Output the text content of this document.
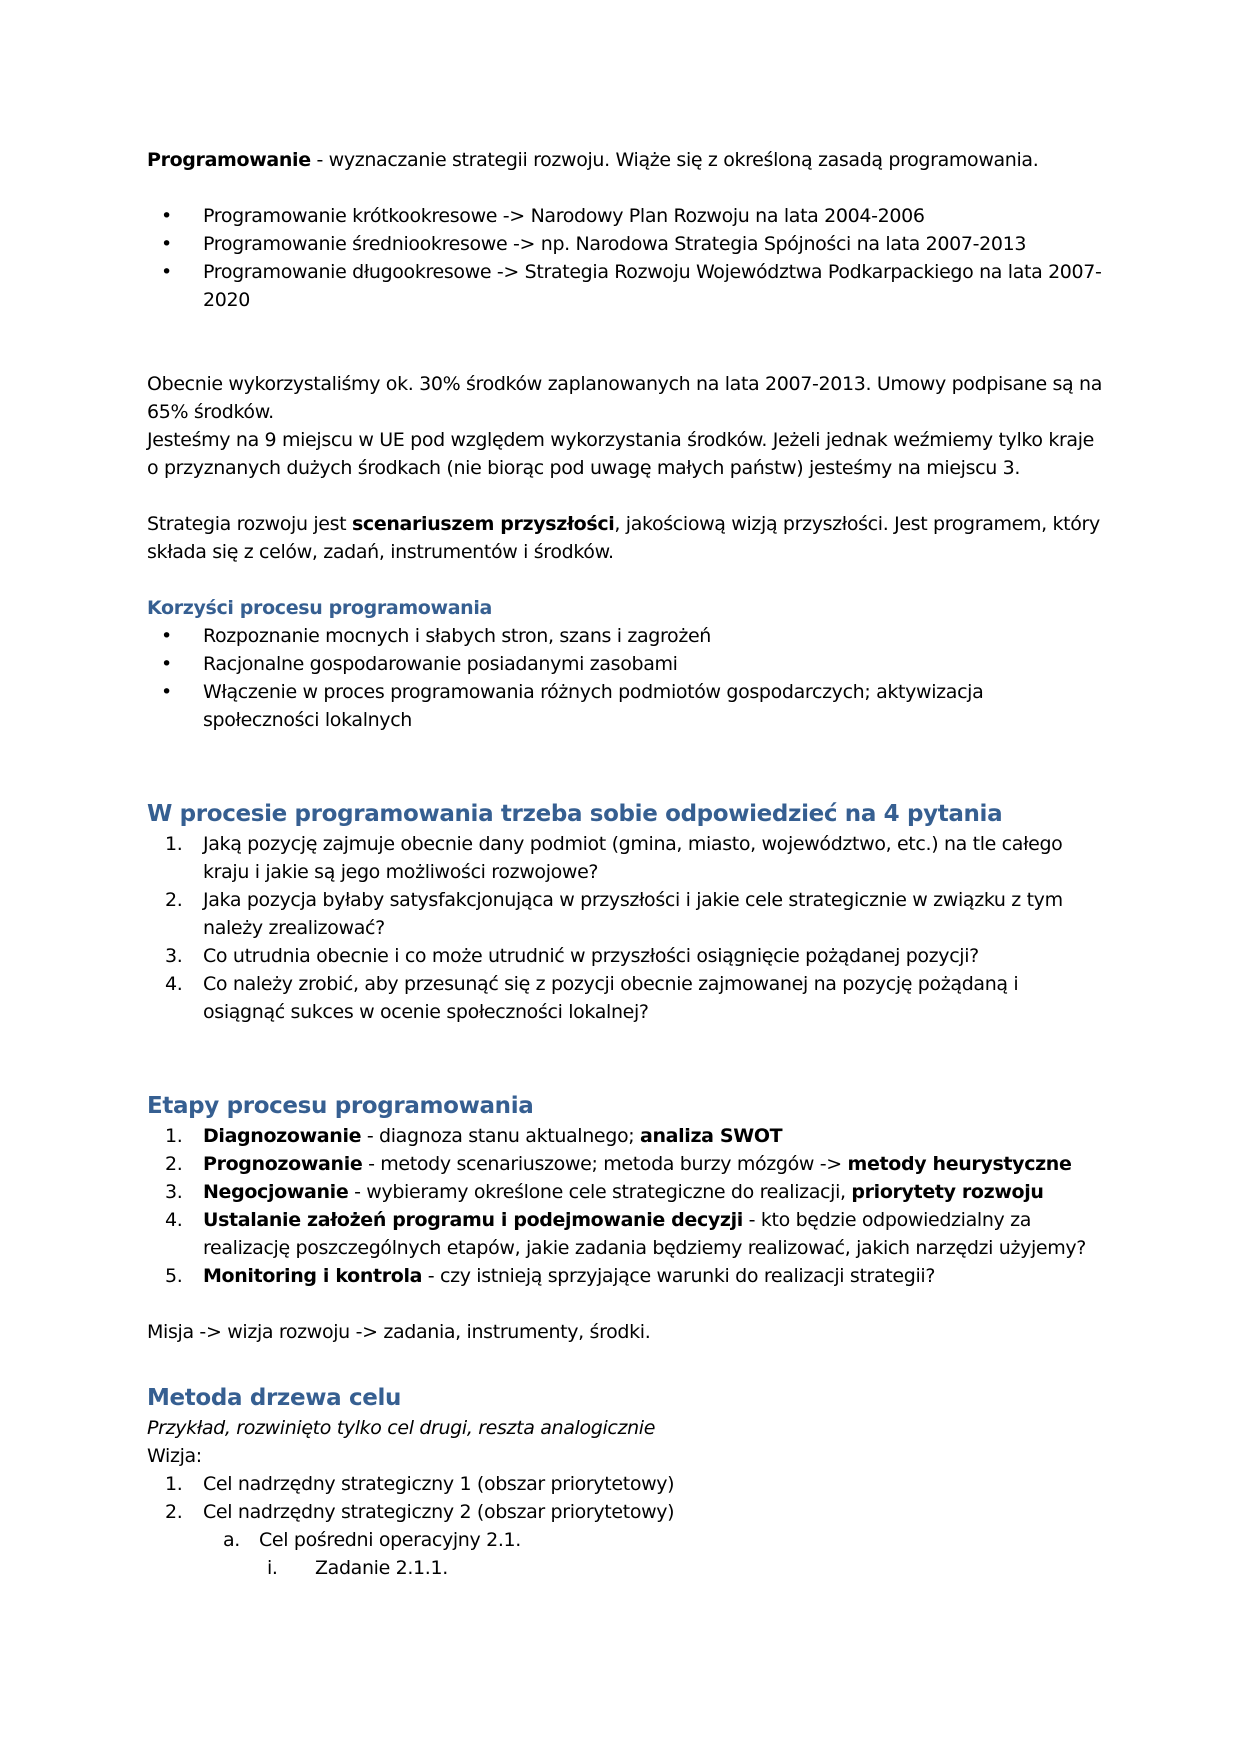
Programowanie - wyznaczanie strategii rozwoju. Wiąże się z określoną zasadą programowania.

• Programowanie krótkookresowe -> Narodowy Plan Rozwoju na lata 2004-2006
• Programowanie średniookresowe -> np. Narodowa Strategia Spójności na lata 2007-2013
• Programowanie długookresowe -> Strategia Rozwoju Województwa Podkarpackiego na lata 2007-2020

Obecnie wykorzystaliśmy ok. 30% środków zaplanowanych na lata 2007-2013. Umowy podpisane są na 65% środków.

Jesteśmy na 9 miejscu w UE pod względem wykorzystania środków. Jeżeli jednak weźmiemy tylko kraje o przyznanych dużych środkach (nie biorąc pod uwagę małych państw) jesteśmy na miejscu 3.

Strategia rozwoju jest scenariuszem przyszłości, jakościową wizją przyszłości. Jest programem, który składa się z celów, zadań, instrumentów i środków.

Korzyści procesu programowania

• Rozpoznanie mocnych i słabych stron, szans i zagrożeń
• Racjonalne gospodarowanie posiadanymi zasobami
• Włączenie w proces programowania różnych podmiotów gospodarczych; aktywizacja społeczności lokalnych

W procesie programowania trzeba sobie odpowiedzieć na 4 pytania

1. Jaką pozycję zajmuje obecnie dany podmiot (gmina, miasto, województwo, etc.) na tle całego kraju i jakie są jego możliwości rozwojowe?
2. Jaka pozycja byłaby satysfakcjonująca w przyszłości i jakie cele strategicznie w związku z tym należy zrealizować?
3. Co utrudnia obecnie i co może utrudnić w przyszłości osiągnięcie pożądanej pozycji?
4. Co należy zrobić, aby przesunąć się z pozycji obecnie zajmowanej na pozycję pożądaną i osiągnąć sukces w ocenie społeczności lokalnej?

Etapy procesu programowania

1. Diagnozowanie - diagnoza stanu aktualnego; analiza SWOT
2. Prognozowanie - metody scenariuszowe; metoda burzy mózgów -> metody heurystyczne
3. Negocjowanie - wybieramy określone cele strategiczne do realizacji, priorytety rozwoju
4. Ustalanie założeń programu i podejmowanie decyzji - kto będzie odpowiedzialny za realizację poszczególnych etapów, jakie zadania będziemy realizować, jakich narzędzi użyjemy?
5. Monitoring i kontrola - czy istnieją sprzyjające warunki do realizacji strategii?

Misja -> wizja rozwoju -> zadania, instrumenty, środki.

Metoda drzewa celu

Przykład, rozwinięto tylko cel drugi, reszta analogicznie

Wizja:

1. Cel nadrzędny strategiczny 1 (obszar priorytetowy)
2. Cel nadrzędny strategiczny 2 (obszar priorytetowy)
a. Cel pośredni operacyjny 2.1.
i. Zadanie 2.1.1.
